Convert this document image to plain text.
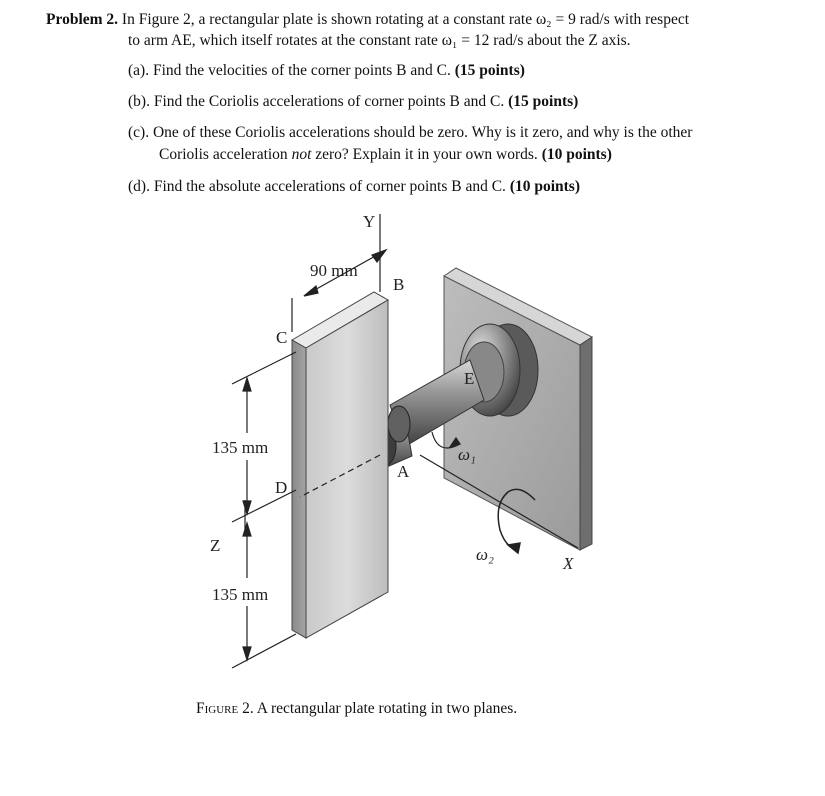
Problem 2. In Figure 2, a rectangular plate is shown rotating at a constant rate ω₂ = 9 rad/s with respect
to arm AE, which itself rotates at the constant rate ω₁ = 12 rad/s about the Z axis.
(a). Find the velocities of the corner points B and C. (15 points)
(b). Find the Coriolis accelerations of corner points B and C. (15 points)
(c). One of these Coriolis accelerations should be zero. Why is it zero, and why is the other
Coriolis acceleration not zero? Explain it in your own words. (10 points)
(d). Find the absolute accelerations of corner points B and C. (10 points)
Y
B
C
D
E
A
Z
X
ω₁
ω₂
90 mm
135 mm
135 mm
Figure 2. A rectangular plate rotating in two planes.
